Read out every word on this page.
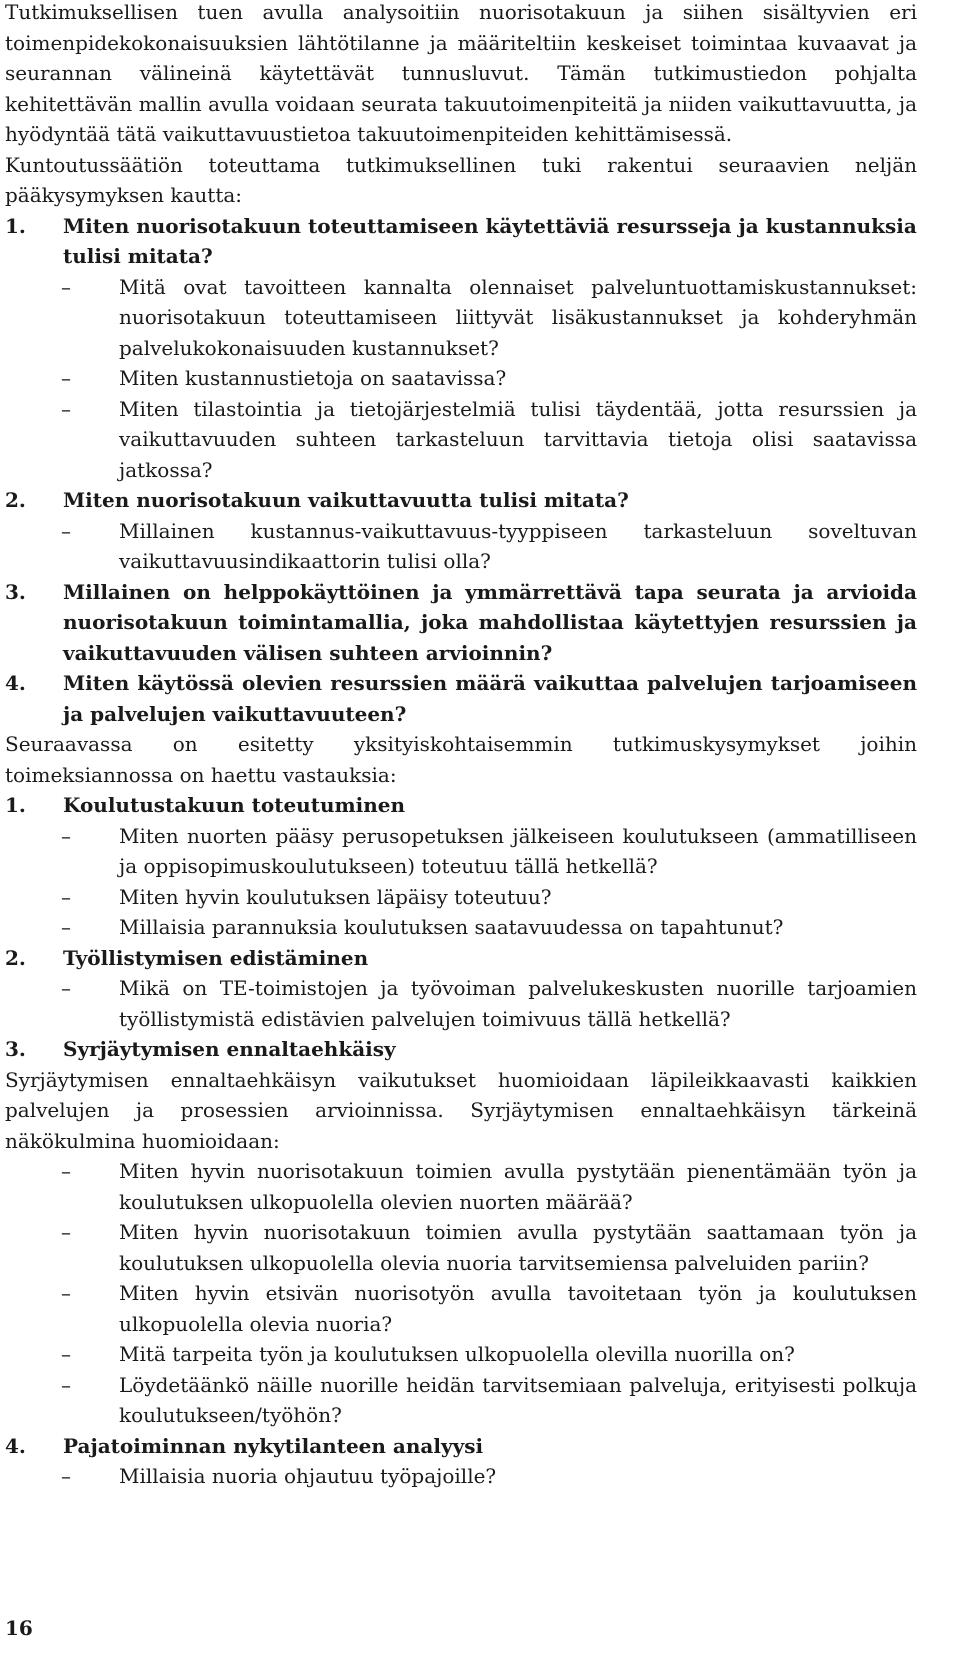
Tutkimuksellisen tuen avulla analysoitiin nuorisotakuun ja siihen sisältyvien eri toimenpidekokonaisuuksien lähtötilanne ja määriteltiin keskeiset toimintaa kuvaavat ja seurannan välineinä käytettävät tunnusluvut. Tämän tutkimustiedon pohjalta kehitettävän mallin avulla voidaan seurata takuutoimenpiteitä ja niiden vaikuttavuutta, ja hyödyntää tätä vaikuttavuustietoa takuutoimenpiteiden kehittämisessä.

Kuntoutussäätiön toteuttama tutkimuksellinen tuki rakentui seuraavien neljän pääkysymyksen kautta:

1. Miten nuorisotakuun toteuttamiseen käytettäviä resursseja ja kustannuksia tulisi mitata?
– Mitä ovat tavoitteen kannalta olennaiset palveluntuottamiskustannukset: nuorisotakuun toteuttamiseen liittyvät lisäkustannukset ja kohderyhmän palvelukokonaisuuden kustannukset?
– Miten kustannustietoja on saatavissa?
– Miten tilastointia ja tietojärjestelmiä tulisi täydentää, jotta resurssien ja vaikuttavuuden suhteen tarkasteluun tarvittavia tietoja olisi saatavissa jatkossa?
2. Miten nuorisotakuun vaikuttavuutta tulisi mitata?
– Millainen kustannus-vaikuttavuus-tyyppiseen tarkasteluun soveltuvan vaikuttavuusindikaattorin tulisi olla?
3. Millainen on helppokäyttöinen ja ymmärrettävä tapa seurata ja arvioida nuorisotakuun toimintamallia, joka mahdollistaa käytettyjen resurssien ja vaikuttavuuden välisen suhteen arvioinnin?
4. Miten käytössä olevien resurssien määrä vaikuttaa palvelujen tarjoamiseen ja palvelujen vaikuttavuuteen?

Seuraavassa on esitetty yksityiskohtaisemmin tutkimuskysymykset joihin toimeksiannossa on haettu vastauksia:

1. Koulutustakuun toteutuminen
– Miten nuorten pääsy perusopetuksen jälkeiseen koulutukseen (ammatilliseen ja oppisopimuskoulutukseen) toteutuu tällä hetkellä?
– Miten hyvin koulutuksen läpäisy toteutuu?
– Millaisia parannuksia koulutuksen saatavuudessa on tapahtunut?
2. Työllistymisen edistäminen
– Mikä on TE-toimistojen ja työvoiman palvelukeskusten nuorille tarjoamien työllistymistä edistävien palvelujen toimivuus tällä hetkellä?
3. Syrjäytymisen ennaltaehkäisy

Syrjäytymisen ennaltaehkäisyn vaikutukset huomioidaan läpileikkaavasti kaikkien palvelujen ja prosessien arvioinnissa. Syrjäytymisen ennaltaehkäisyn tärkeinä näkökulmina huomioidaan:

– Miten hyvin nuorisotakuun toimien avulla pystytään pienentämään työn ja koulutuksen ulkopuolella olevien nuorten määrää?
– Miten hyvin nuorisotakuun toimien avulla pystytään saattamaan työn ja koulutuksen ulkopuolella olevia nuoria tarvitsemiensa palveluiden pariin?
– Miten hyvin etsivän nuorisotyön avulla tavoitetaan työn ja koulutuksen ulkopuolella olevia nuoria?
– Mitä tarpeita työn ja koulutuksen ulkopuolella olevilla nuorilla on?
– Löydetäänkö näille nuorille heidän tarvitsemiaan palveluja, erityisesti polkuja koulutukseen/työhön?
4. Pajatoiminnan nykytilanteen analyysi
– Millaisia nuoria ohjautuu työpajoille?
16
